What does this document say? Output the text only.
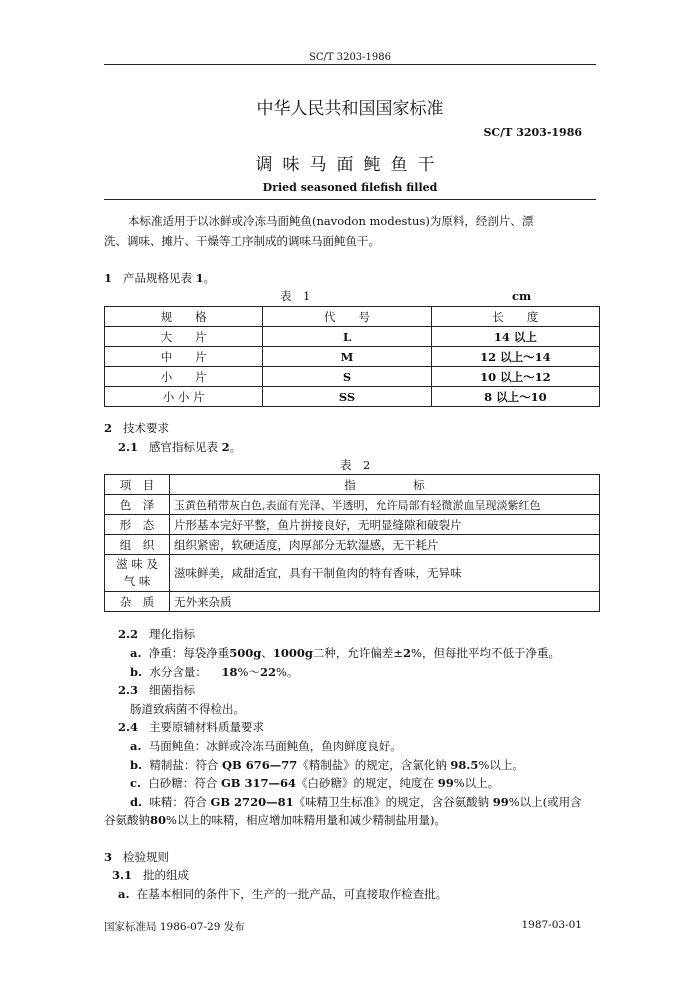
SC/T 3203-1986
中华人民共和国国家标准
SC/T 3203-1986
调味马面鲀鱼干
Dried seasoned filefish filled
本标准适用于以冰鲜或冷冻马面鲀鱼(navodon modestus)为原料，经剖片、漂
洗、调味、摊片、干燥等工序制成的调味马面鲀鱼干。
1 产品规格见表 1。
表　1	cm
规　　格	代　　号	长　　度
大　　片	L	14 以上
中　　片	M	12 以上～14
小　　片	S	10 以上～12
小 小 片	SS	8 以上～10
2 技术要求
2.1 感官指标见表 2。
表　2
项　目	指　　　　　标
色　泽	玉黄色稍带灰白色,表面有光泽、半透明，允许局部有轻微淤血呈现淡紫红色
形　态	片形基本完好平整，鱼片拼接良好，无明显缝隙和破裂片
组　织	组织紧密，软硬适度，肉厚部分无软湿感，无干耗片
滋 味 及
气 味	滋味鲜美，咸甜适宜，具有干制鱼肉的特有香味，无异味
杂　质	无外来杂质
2.2 理化指标
a. 净重：每袋净重500g、1000g二种，允许偏差±2%，但每批平均不低于净重。
b. 水分含量： 18%～22%。
2.3 细菌指标
肠道致病菌不得检出。
2.4 主要原辅材料质量要求
a. 马面鲀鱼：冰鲜或冷冻马面鲀鱼，鱼肉鲜度良好。
b. 精制盐：符合 QB 676—77《精制盐》的规定，含氯化钠 98.5%以上。
c. 白砂糖：符合 GB 317—64《白砂糖》的规定，纯度在 99%以上。
d. 味精：符合 GB 2720—81《味精卫生标准》的规定，含谷氨酸钠 99%以上(或用含
谷氨酸钠80%以上的味精，相应增加味精用量和减少精制盐用量)。
3 检验规则
3.1 批的组成
a. 在基本相同的条件下，生产的一批产品，可直接取作检查批。
国家标准局 1986-07-29 发布	1987-03-01
